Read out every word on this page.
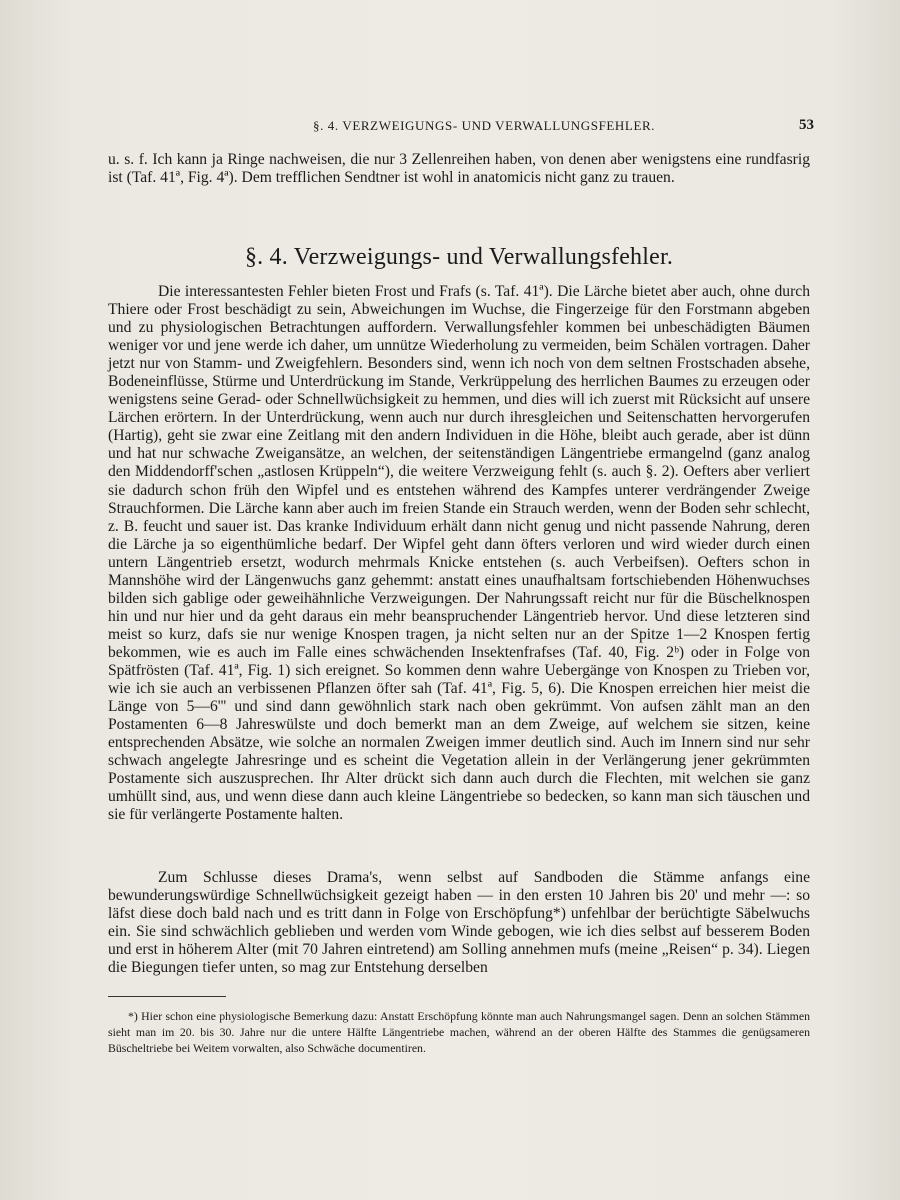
§. 4. VERZWEIGUNGS- UND VERWALLUNGSFEHLER.	53

u. s. f. Ich kann ja Ringe nachweisen, die nur 3 Zellenreihen haben, von denen aber wenigstens eine rundfasrig ist (Taf. 41ª, Fig. 4ª). Dem trefflichen Sendtner ist wohl in anatomicis nicht ganz zu trauen.

§. 4. Verzweigungs- und Verwallungsfehler.

Die interessantesten Fehler bieten Frost und Frafs (s. Taf. 41ª). Die Lärche bietet aber auch, ohne durch Thiere oder Frost beschädigt zu sein, Abweichungen im Wuchse, die Fingerzeige für den Forstmann abgeben und zu physiologischen Betrachtungen auffordern. Verwallungsfehler kommen bei unbeschädigten Bäumen weniger vor und jene werde ich daher, um unnütze Wiederholung zu vermeiden, beim Schälen vortragen. Daher jetzt nur von Stamm- und Zweigfehlern. Besonders sind, wenn ich noch von dem seltnen Frostschaden absehe, Bodeneinflüsse, Stürme und Unterdrückung im Stande, Verkrüppelung des herrlichen Baumes zu erzeugen oder wenigstens seine Gerad- oder Schnellwüchsigkeit zu hemmen, und dies will ich zuerst mit Rücksicht auf unsere Lärchen erörtern. In der Unterdrückung, wenn auch nur durch ihresgleichen und Seitenschatten hervorgerufen (Hartig), geht sie zwar eine Zeitlang mit den andern Individuen in die Höhe, bleibt auch gerade, aber ist dünn und hat nur schwache Zweigansätze, an welchen, der seitenständigen Längentriebe ermangelnd (ganz analog den Middendorff'schen „astlosen Krüppeln“), die weitere Verzweigung fehlt (s. auch §. 2). Oefters aber verliert sie dadurch schon früh den Wipfel und es entstehen während des Kampfes unterer verdrängender Zweige Strauchformen. Die Lärche kann aber auch im freien Stande ein Strauch werden, wenn der Boden sehr schlecht, z. B. feucht und sauer ist. Das kranke Individuum erhält dann nicht genug und nicht passende Nahrung, deren die Lärche ja so eigenthümliche bedarf. Der Wipfel geht dann öfters verloren und wird wieder durch einen untern Längentrieb ersetzt, wodurch mehrmals Knicke entstehen (s. auch Verbeifsen). Oefters schon in Mannshöhe wird der Längenwuchs ganz gehemmt: anstatt eines unaufhaltsam fortschiebenden Höhenwuchses bilden sich gablige oder geweihähnliche Verzweigungen. Der Nahrungssaft reicht nur für die Büschelknospen hin und nur hier und da geht daraus ein mehr beanspruchender Längentrieb hervor. Und diese letzteren sind meist so kurz, dafs sie nur wenige Knospen tragen, ja nicht selten nur an der Spitze 1—2 Knospen fertig bekommen, wie es auch im Falle eines schwächenden Insektenfrafses (Taf. 40, Fig. 2ᵇ) oder in Folge von Spätfrösten (Taf. 41ª, Fig. 1) sich ereignet. So kommen denn wahre Uebergänge von Knospen zu Trieben vor, wie ich sie auch an verbissenen Pflanzen öfter sah (Taf. 41ª, Fig. 5, 6). Die Knospen erreichen hier meist die Länge von 5—6''' und sind dann gewöhnlich stark nach oben gekrümmt. Von aufsen zählt man an den Postamenten 6—8 Jahreswülste und doch bemerkt man an dem Zweige, auf welchem sie sitzen, keine entsprechenden Absätze, wie solche an normalen Zweigen immer deutlich sind. Auch im Innern sind nur sehr schwach angelegte Jahresringe und es scheint die Vegetation allein in der Verlängerung jener gekrümmten Postamente sich auszusprechen. Ihr Alter drückt sich dann auch durch die Flechten, mit welchen sie ganz umhüllt sind, aus, und wenn diese dann auch kleine Längentriebe so bedecken, so kann man sich täuschen und sie für verlängerte Postamente halten.

Zum Schlusse dieses Drama's, wenn selbst auf Sandboden die Stämme anfangs eine bewunderungswürdige Schnellwüchsigkeit gezeigt haben — in den ersten 10 Jahren bis 20' und mehr —: so läfst diese doch bald nach und es tritt dann in Folge von Erschöpfung*) unfehlbar der berüchtigte Säbelwuchs ein. Sie sind schwächlich geblieben und werden vom Winde gebogen, wie ich dies selbst auf besserem Boden und erst in höherem Alter (mit 70 Jahren eintretend) am Solling annehmen mufs (meine „Reisen“ p. 34). Liegen die Biegungen tiefer unten, so mag zur Entstehung derselben

*) Hier schon eine physiologische Bemerkung dazu: Anstatt Erschöpfung könnte man auch Nahrungsmangel sagen. Denn an solchen Stämmen sieht man im 20. bis 30. Jahre nur die untere Hälfte Längentriebe machen, während an der oberen Hälfte des Stammes die genügsameren Büscheltriebe bei Weitem vorwalten, also Schwäche documentiren.
